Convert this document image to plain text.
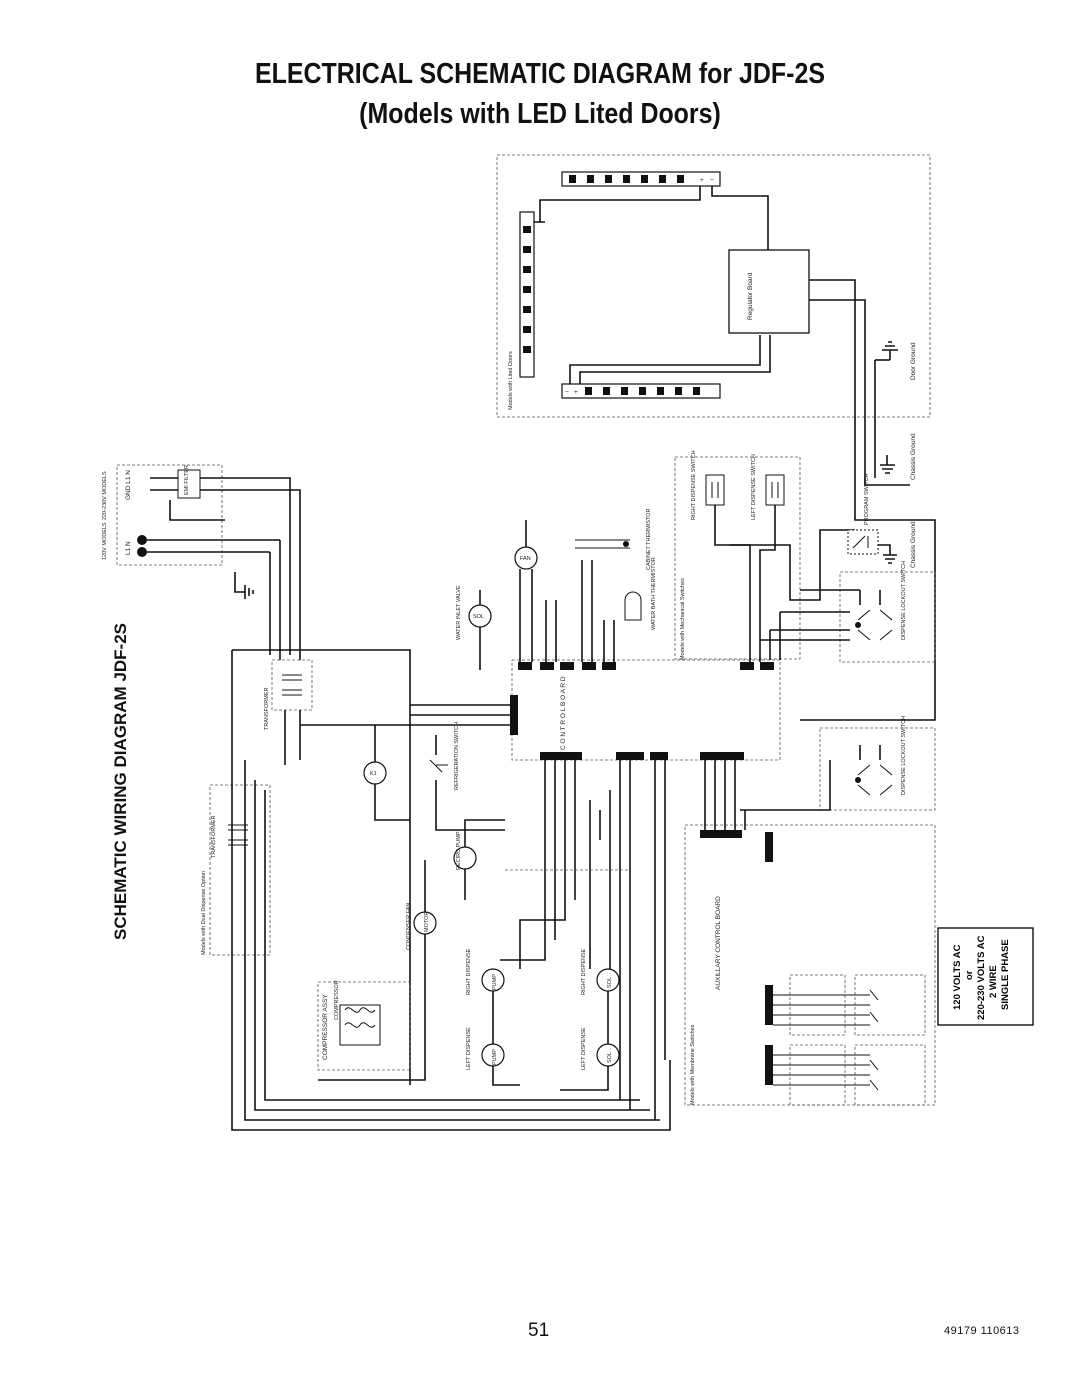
ELECTRICAL SCHEMATIC DIAGRAM for JDF-2S
(Models with LED Lited Doors)
SCHEMATIC WIRING DIAGRAM JDF-2S
Models with Lited Doors
+ −
− +
Regulator Board
Door Ground
Chassis Ground
220-230V MODELS
120V MODELS
GND L1 N
L1 N
EMI FILTER
TRANSFORMER
Models with Dual Dispense Option
TRANSFORMER
C O N T R O L B O A R D
FAN
SOL
WATER INLET VALVE
CABINET THERMISTOR
WATER BATH THERMISTOR	Models with Mechanical Switches
RIGHT DISPENSE SWITCH	LEFT DISPENSE SWITCH	PROGRAM SWITCH
Chassis Ground
DISPENSE LOCKOUT SWITCH
DISPENSE LOCKOUT SWITCH
K1	REFRIGERATION SWITCH
RECIRC PUMP
MOTOR
CONDENSER FAN
COMPRESSOR ASSY COMPRESSOR	PUMP
RIGHT DISPENSE
PUMP
LEFT DISPENSE
SOL
RIGHT DISPENSE
SOL
LEFT DISPENSE	Models with Membrane Switches
AUXILLARY CONTROL BOARD	120 VOLTS AC or 220-230 VOLTS AC 2 WIRE SINGLE PHASE
51	49179 110613
